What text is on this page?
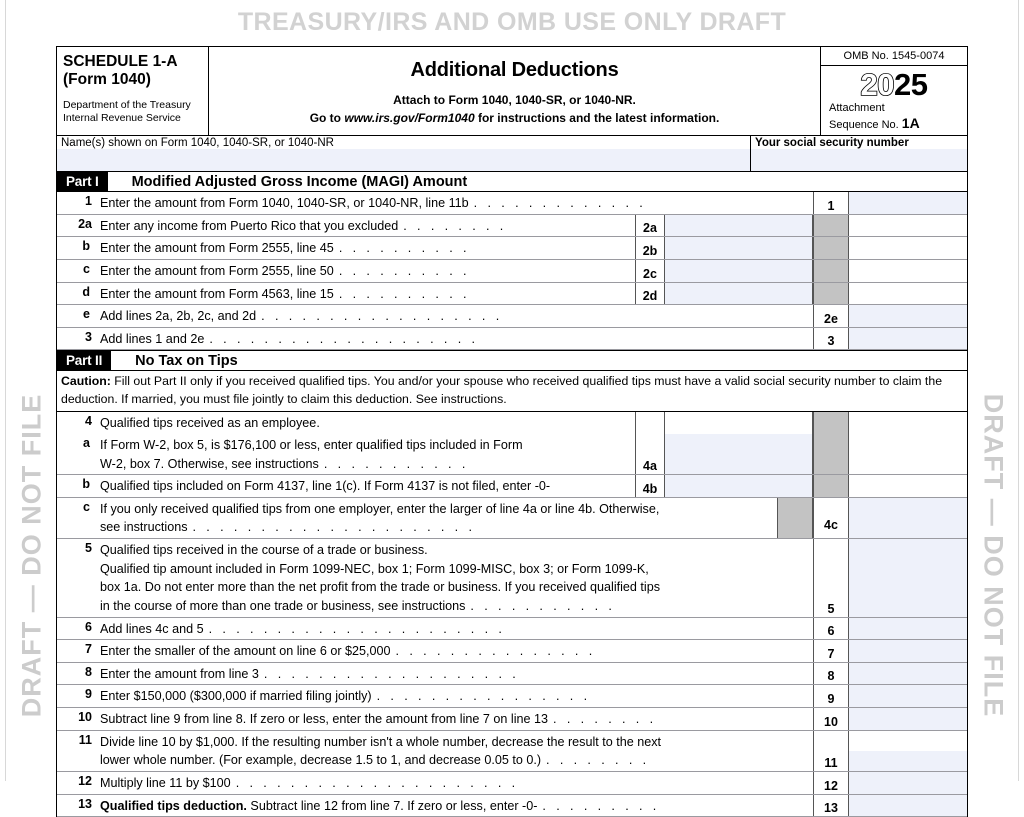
TREASURY/IRS AND OMB USE ONLY DRAFT
DRAFT — DO NOT FILE	DRAFT — DO NOT FILE
SCHEDULE 1-A
(Form 1040)
Department of the Treasury
Internal Revenue Service
Additional Deductions
Attach to Form 1040, 1040-SR, or 1040-NR.
Go to www.irs.gov/Form1040 for instructions and the latest information.
OMB No. 1545-0074
2025
Attachment
Sequence No. 1A
Name(s) shown on Form 1040, 1040-SR, or 1040-NR	Your social security number
Part I	Modified Adjusted Gross Income (MAGI) Amount
1 Enter the amount from Form 1040, 1040-SR, or 1040-NR, line 11b . . . . . . . . . . . . .	1
2a Enter any income from Puerto Rico that you excluded . . . . . . . .	2a
b Enter the amount from Form 2555, line 45 . . . . . . . . . .	2b
c Enter the amount from Form 2555, line 50 . . . . . . . . . .	2c
d Enter the amount from Form 4563, line 15 . . . . . . . . . .	2d
e Add lines 2a, 2b, 2c, and 2d . . . . . . . . . . . . . . . . . .	2e
3 Add lines 1 and 2e . . . . . . . . . . . . . . . . . . . .	3
Part II	No Tax on Tips
Caution: Fill out Part II only if you received qualified tips. You and/or your spouse who received qualified tips must have a valid social security number to claim the deduction. If married, you must file jointly to claim this deduction. See instructions.
4 Qualified tips received as an employee.
a If Form W-2, box 5, is $176,100 or less, enter qualified tips included in Form
W-2, box 7. Otherwise, see instructions . . . . . . . . . . .	4a
b Qualified tips included on Form 4137, line 1(c). If Form 4137 is not filed, enter -0-	4b
c If you only received qualified tips from one employer, enter the larger of line 4a or line 4b. Otherwise,
see instructions . . . . . . . . . . . . . . . . . . . . .	4c
5 Qualified tips received in the course of a trade or business.
Qualified tip amount included in Form 1099-NEC, box 1; Form 1099-MISC, box 3; or Form 1099-K,
box 1a. Do not enter more than the net profit from the trade or business. If you received qualified tips
in the course of more than one trade or business, see instructions . . . . . . . . . . .	5
6 Add lines 4c and 5 . . . . . . . . . . . . . . . . . . . . . .	6
7 Enter the smaller of the amount on line 6 or $25,000 . . . . . . . . . . . . . . .	7
8 Enter the amount from line 3 . . . . . . . . . . . . . . . . . . .	8
9 Enter $150,000 ($300,000 if married filing jointly) . . . . . . . . . . . . . . . .	9
10 Subtract line 9 from line 8. If zero or less, enter the amount from line 7 on line 13 . . . . . . . .	10
11 Divide line 10 by $1,000. If the resulting number isn't a whole number, decrease the result to the next
lower whole number. (For example, decrease 1.5 to 1, and decrease 0.05 to 0.) . . . . . . . .	11
12 Multiply line 11 by $100 . . . . . . . . . . . . . . . . . . . . .	12
13 Qualified tips deduction. Subtract line 12 from line 7. If zero or less, enter -0- . . . . . . . . .	13
